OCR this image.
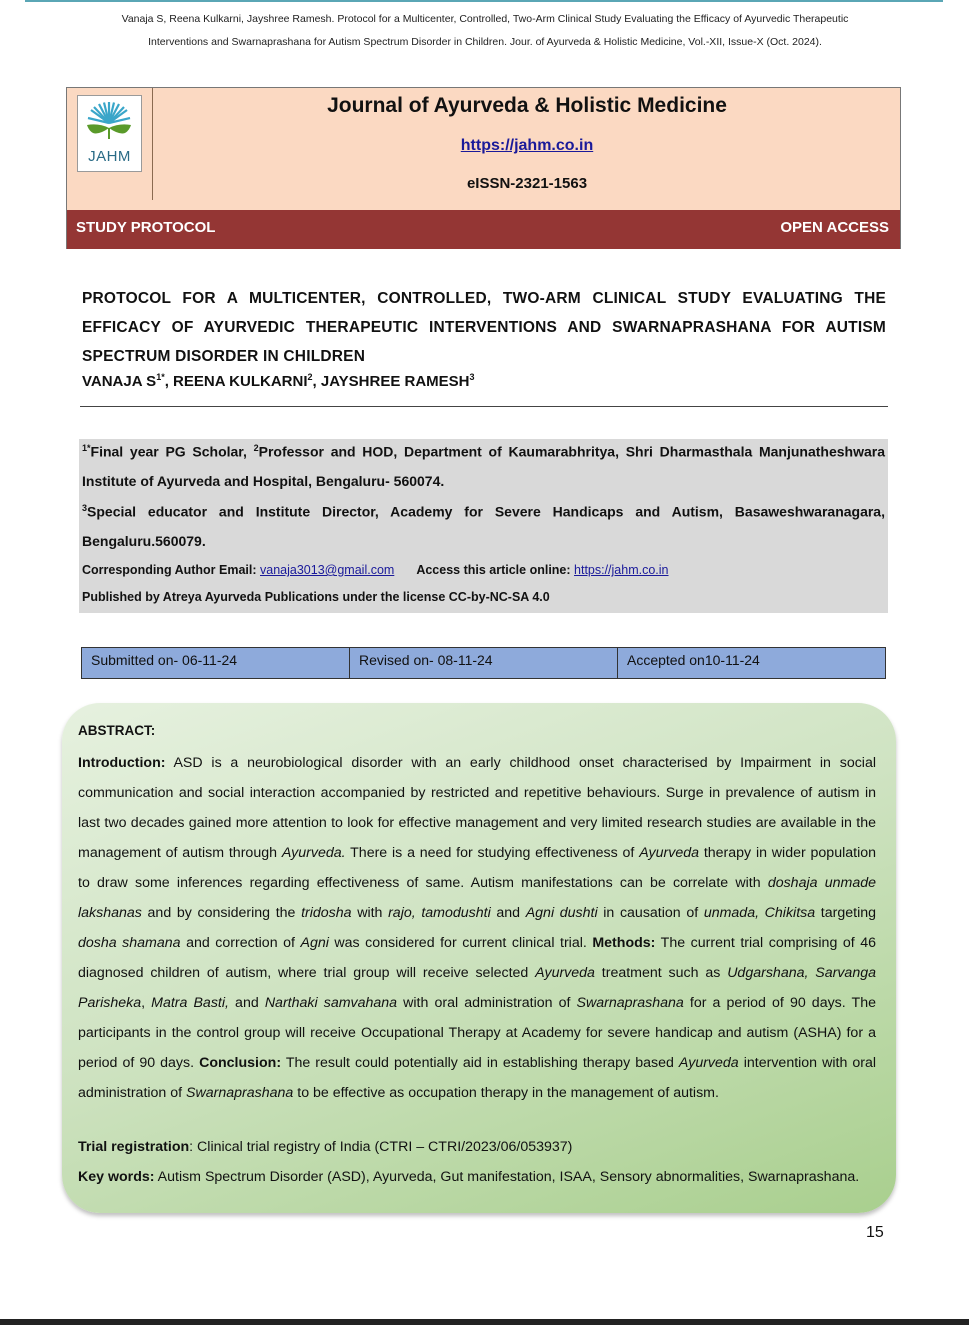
Vanaja S, Reena Kulkarni, Jayshree Ramesh. Protocol for a Multicenter, Controlled, Two-Arm Clinical Study Evaluating the Efficacy of Ayurvedic Therapeutic
Interventions and Swarnaprashana for Autism Spectrum Disorder in Children. Jour. of Ayurveda & Holistic Medicine, Vol.-XII, Issue-X (Oct. 2024).
JAHM
Journal of Ayurveda & Holistic Medicine
https://jahm.co.in
eISSN-2321-1563
STUDY PROTOCOL	OPEN ACCESS
PROTOCOL FOR A MULTICENTER, CONTROLLED, TWO-ARM CLINICAL STUDY EVALUATING THE EFFICACY OF AYURVEDIC THERAPEUTIC INTERVENTIONS AND SWARNAPRASHANA FOR AUTISM SPECTRUM DISORDER IN CHILDREN
VANAJA $S^{1*}$, REENA KULKARNI$^2$, JAYSHREE RAMESH$^3$
$^{1*}$Final year PG Scholar, $^2$Professor and HOD, Department of Kaumarabhritya, Shri Dharmasthala Manjunatheshwara
Institute of Ayurveda and Hospital, Bengaluru- 560074.
$^3$Special educator and Institute Director, Academy for Severe Handicaps and Autism, Basaweshwaranagara,
Bengaluru.560079.
Corresponding Author Email: vanaja3013@gmail.com Access this article online: https://jahm.co.in
Published by Atreya Ayurveda Publications under the license CC-by-NC-SA 4.0
Submitted on- 06-11-24	Revised on- 08-11-24	Accepted on10-11-24
ABSTRACT:
Introduction: ASD is a neurobiological disorder with an early childhood onset characterised by Impairment in social communication and social interaction accompanied by restricted and repetitive behaviours. Surge in prevalence of autism in last two decades gained more attention to look for effective management and very limited research studies are available in the management of autism through Ayurveda. There is a need for studying effectiveness of Ayurveda therapy in wider population to draw some inferences regarding effectiveness of same. Autism manifestations can be correlate with doshaja unmade lakshanas and by considering the tridosha with rajo, tamodushti and Agni dushti in causation of unmada, Chikitsa targeting dosha shamana and correction of Agni was considered for current clinical trial. Methods: The current trial comprising of 46 diagnosed children of autism, where trial group will receive selected Ayurveda treatment such as Udgarshana, Sarvanga Parisheka, Matra Basti, and Narthaki samvahana with oral administration of Swarnaprashana for a period of 90 days. The participants in the control group will receive Occupational Therapy at Academy for severe handicap and autism (ASHA) for a period of 90 days. Conclusion: The result could potentially aid in establishing therapy based Ayurveda intervention with oral administration of Swarnaprashana to be effective as occupation therapy in the management of autism.
Trial registration: Clinical trial registry of India (CTRI – CTRI/2023/06/053937)
Key words: Autism Spectrum Disorder (ASD), Ayurveda, Gut manifestation, ISAA, Sensory abnormalities, Swarnaprashana.
15
